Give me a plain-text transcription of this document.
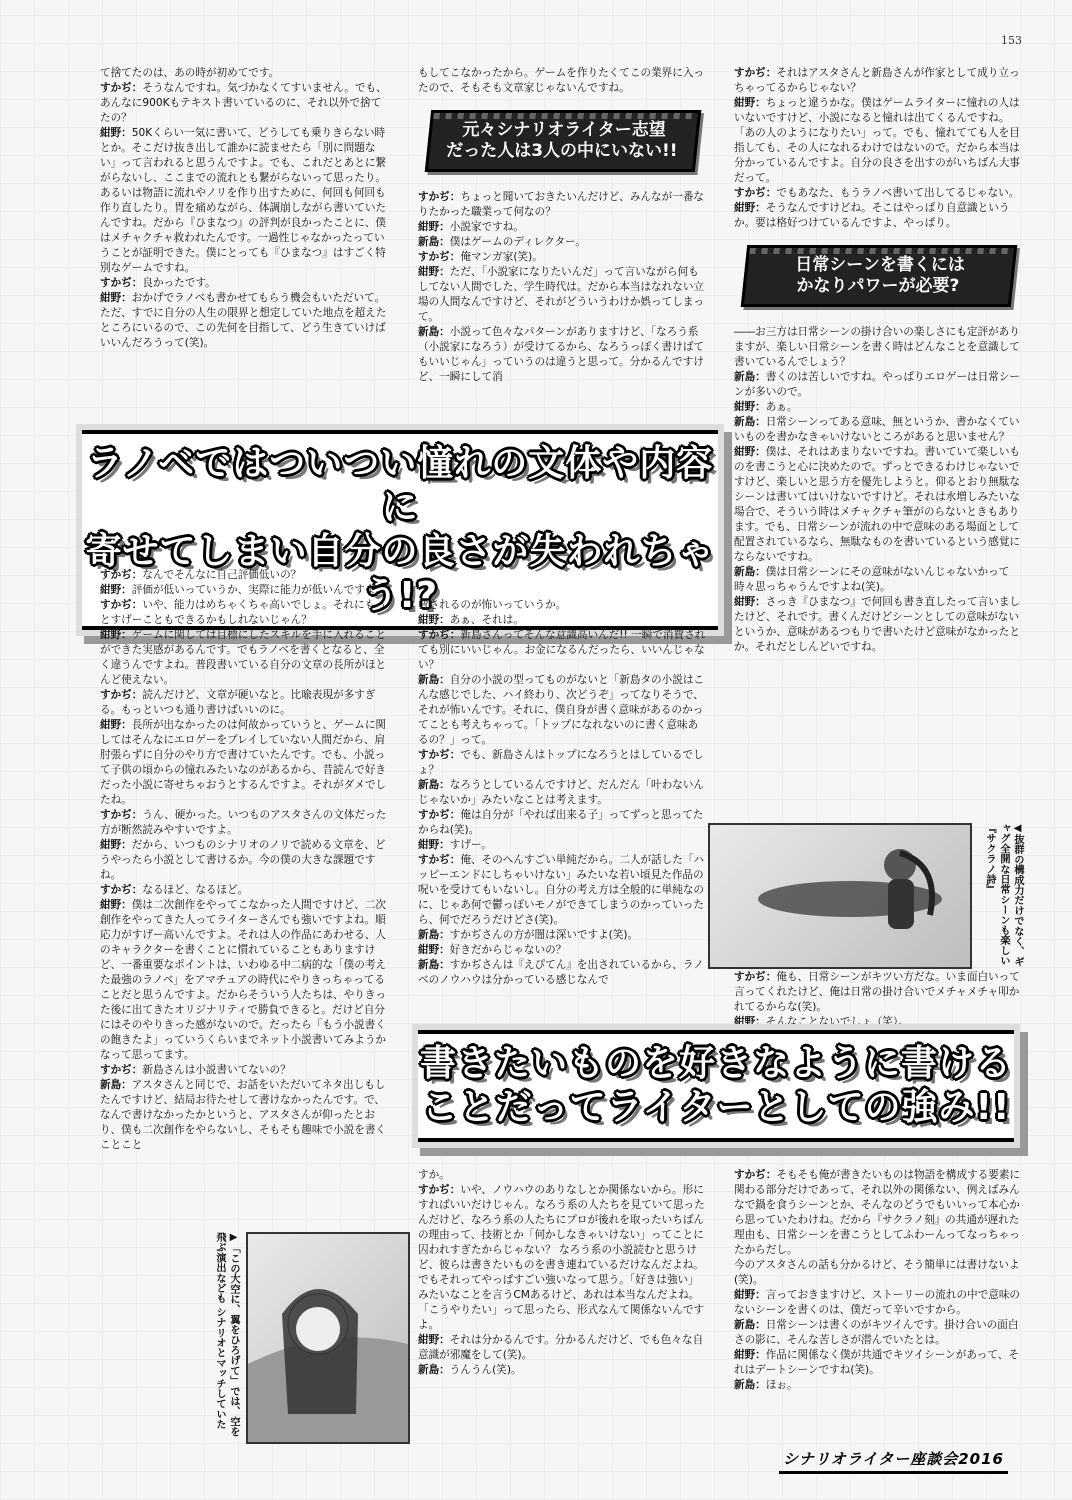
153

て捨てたのは、あの時が初めてです。

すかぢ：そうなんですね。気づかなくてすいません。でも、あんなに900Kもテキスト書いているのに、それ以外で捨てたの？

紺野：50Kくらい一気に書いて、どうしても乗りきらない時とか。そこだけ抜き出して誰かに読ませたら「別に問題ない」って言われると思うんですよ。でも、これだとあとに繋がらないし、ここまでの流れとも繋がらないって思ったり。あるいは物語に流れやノリを作り出すために、何回も何回も作り直したり。胃を痛めながら、体調崩しながら書いていたんですね。だから『ひまなつ』の評判が良かったことに、僕はメチャクチャ救われたんです。一過性じゃなかったっていうことが証明できた。僕にとっても『ひまなつ』はすごく特別なゲームですね。

すかぢ：良かったです。

紺野：おかげでラノベも書かせてもらう機会もいただいて。ただ、すでに自分の人生の限界と想定していた地点を超えたところにいるので、この先何を目指して、どう生きていけばいいんだろうって(笑)。

もしてこなかったから。ゲームを作りたくてこの業界に入ったので、そもそも文章家じゃないんですね。

元々シナリオライター志望
だった人は3人の中にいない!!

すかぢ：ちょっと聞いておきたいんだけど、みんなが一番なりたかった職業って何なの？

紺野：小説家ですね。

新島：僕はゲームのディレクター。

すかぢ：俺マンガ家(笑)。

紺野：ただ、「小説家になりたいんだ」って言いながら何もしてない人間でした、学生時代は。だから本当はなれない立場の人間なんですけど、それがどういうわけか娯ってしまって。

新島：小説って色々なパターンがありますけど、「なろう系（小説家になろう）が受けてるから、なろうっぽく書けばてもいいじゃん」っていうのは違うと思って。分かるんですけど、一瞬にして消

すかぢ：それはアスタさんと新島さんが作家として成り立っちゃってるからじゃない？

紺野：ちょっと違うかな。僕はゲームライターに憧れの人はいないですけど、小説になると憧れは出てくるんですね。「あの人のようになりたい」って。でも、憧れてても人を目指しても、その人になれるわけではないので。だから本当は分かっているんですよ。自分の良さを出すのがいちばん大事だって。

すかぢ：でもあなた、もうラノベ書いて出してるじゃない。

紺野：そうなんですけどね。そこはやっぱり自意識というか。要は格好つけているんですよ、やっぱり。

日常シーンを書くには
かなりパワーが必要?

――お三方は日常シーンの掛け合いの楽しさにも定評がありますが、楽しい日常シーンを書く時はどんなことを意識して書いているんでしょう？

新島：書くのは苦しいですね。やっぱりエロゲーは日常シーンが多いので。

紺野：あぁ。

新島：日常シーンってある意味、無というか、書かなくていいものを書かなきゃいけないところがあると思いません？

紺野：僕は、それはあまりないですね。書いていて楽しいものを書こうと心に決めたので。ずっとできるわけじゃないですけど、楽しいと思う方を優先しようと。仰るとおり無駄なシーンは書いてはいけないですけど。それは水増しみたいな場合で、そういう時はメチャクチャ筆がのらないときもあります。でも、日常シーンが流れの中で意味のある場面として配置されているなら、無駄なものを書いているという感覚にならないですね。

新島：僕は日常シーンにその意味がないんじゃないかって時々思っちゃうんですよね(笑)。

紺野：さっき『ひまなつ』で何回も書き直したって言いましたけど、それです。書くんだけどシーンとしての意味がないというか、意味があるつもりで書いたけど意味がなかったとか。それだとしんどいですね。

ラノベではついつい憧れの文体や内容に
寄せてしまい自分の良さが失われちゃう!?

すかぢ：なんでそんなに自己評価低いの？

紺野：評価が低いっていうか、実際に能力が低いんですよ。

すかぢ：いや、能力はめちゃくちゃ高いでしょ。それにもっとすげーこともできるかもしれないじゃん？

紺野：ゲームに関しては目標にしたスキルを手に入れることができた実感があるんです。でもラノベを書くとなると、全く違うんですよね。普段書いている自分の文章の長所がほとんど使えない。

すかぢ：読んだけど、文章が硬いなと。比喩表現が多すぎる。もっといつも通り書けばいいのに。

紺野：長所が出なかったのは何故かっていうと、ゲームに関してはそんなにエロゲーをプレイしていない人間だから、肩肘張らずに自分のやり方で書けていたんです。でも、小説って子供の頃からの憧れみたいなのがあるから、昔読んで好きだった小説に寄せちゃおうとするんですよ。それがダメでしたね。

すかぢ：うん、硬かった。いつものアスタさんの文体だった方が断然読みやすいですよ。

紺野：だから、いつものシナリオのノリで読める文章を、どうやったら小説として書けるか。今の僕の大きな課題ですね。

すかぢ：なるほど、なるほど。

紺野：僕は二次創作をやってこなかった人間ですけど、二次創作をやってきた人ってライターさんでも強いですよね。順応力がすげー高いんですよ。それは人の作品にあわせる、人のキャラクターを書くことに慣れていることもありますけど、一番重要なポイントは、いわゆる中二病的な「僕の考えた最強のラノベ」をアマチュアの時代にやりきっちゃってることだと思うんですよ。だからそういう人たちは、やりきった後に出てきたオリジナリティで勝負できると。だけど自分にはそのやりきった感がないので。だったら「もう小説書くの飽きたよ」っていうくらいまでネット小説書いてみようかなって思ってます。

すかぢ：新島さんは小説書いてないの？

新島：アスタさんと同じで、お話をいただいてネタ出しもしたんですけど、結局お待たせして書けなかったんです。で、なんで書けなかったかというと、アスタさんが仰ったとおり、僕も二次創作をやらないし、そもそも趣味で小説を書くことこと

費されるのが怖いっていうか。

紺野：あぁ、それは。

すかぢ：新島さんってそんな意識高いんだ!! 一瞬で消費されても別にいいじゃん。お金になるんだったら、いいんじゃない？

新島：自分の小説の型ってものがないと「新島タの小説はこんな感じでした、ハイ終わり、次どうぞ」ってなりそうで、それが怖いんです。それに、僕自身が書く意味があるのかってことも考えちゃって。「トップになれないのに書く意味あるの？」って。

すかぢ：でも、新島さんはトップになろうとはしているでしょ？

新島：なろうとしているんですけど、だんだん「叶わないんじゃないか」みたいなことは考えます。

すかぢ：俺は自分が「やれば出来る子」ってずっと思ってたからね(笑)。

紺野：すげー。

すかぢ：俺、そのへんすごい単純だから。二人が話した「ハッピーエンドにしちゃいけない」みたいな若い頃見た作品の呪いを受けてもいないし。自分の考え方は全般的に単純なのに、じゃあ何で鬱っぽいモノができてしまうのかっていったら、何でだろうだけどさ(笑)。

新島：すかぢさんの方が闇は深いですよ(笑)。

紺野：好きだからじゃないの？

新島：すかぢさんは『えぴてん』を出されているから、ラノベのノウハウは分かっている感じなんで

◀抜群の構成力だけでなく、ギャグ全開な日常シーンも楽しい『サクラノ詩』

すかぢ：俺も、日常シーンがキツい方だな。いま面白いって言ってくれたけど、俺は日常の掛け合いでメチャメチャ叩かれてるからな(笑)。

紺野：そんなことないでしょ（笑）。

書きたいものを好きなように書ける
ことだってライターとしての強み!!
▶「この大空に、翼をひろげて」では、空を飛ぶ演出なども シナリオとマッチしていた

すか。

すかぢ：いや、ノウハウのありなしとか関係ないから。形にすればいいだけじゃん。なろう系の人たちを見ていて思ったんだけど、なろう系の人たちにプロが後れを取ったいちばんの理由って、技術とか「何かしなきゃいけない」ってことに囚われすぎたからじゃない？ なろう系の小説読むと思うけど、彼らは書きたいものを書き連ねているだけなんだよね。でもそれってやっぱすごい強いなって思う。「好きは強い」みたいなことを言うCMあるけど、あれは本当なんだよね。「こうやりたい」って思ったら、形式なんて関係ないんですよ。

紺野：それは分かるんです。分かるんだけど、でも色々な自意識が邪魔をして(笑)。

新島：うんうん(笑)。

すかぢ：そもそも俺が書きたいものは物語を構成する要素に関わる部分だけであって、それ以外の関係ない、例えばみんなで鍋を食うシーンとか、そんなのどうでもいいって本心から思っていたわけね。だから『サクラノ刻』の共通が遅れた理由も、日常シーンを書こうとしてふわーんってなっちゃったからだし。

今のアスタさんの話も分かるけど、そう簡単には書けないよ(笑)。

紺野：言っておきますけど、ストーリーの流れの中で意味のないシーンを書くのは、僕だって辛いですから。

新島：日常シーンは書くのがキツイんです。掛け合いの面白さの影に、そんな苦しさが潜んでいたとは。

紺野：作品に関係なく僕が共通でキツイシーンがあって、それはデートシーンですね(笑)。

新島：ほぉ。

シナリオライター座談会2016
